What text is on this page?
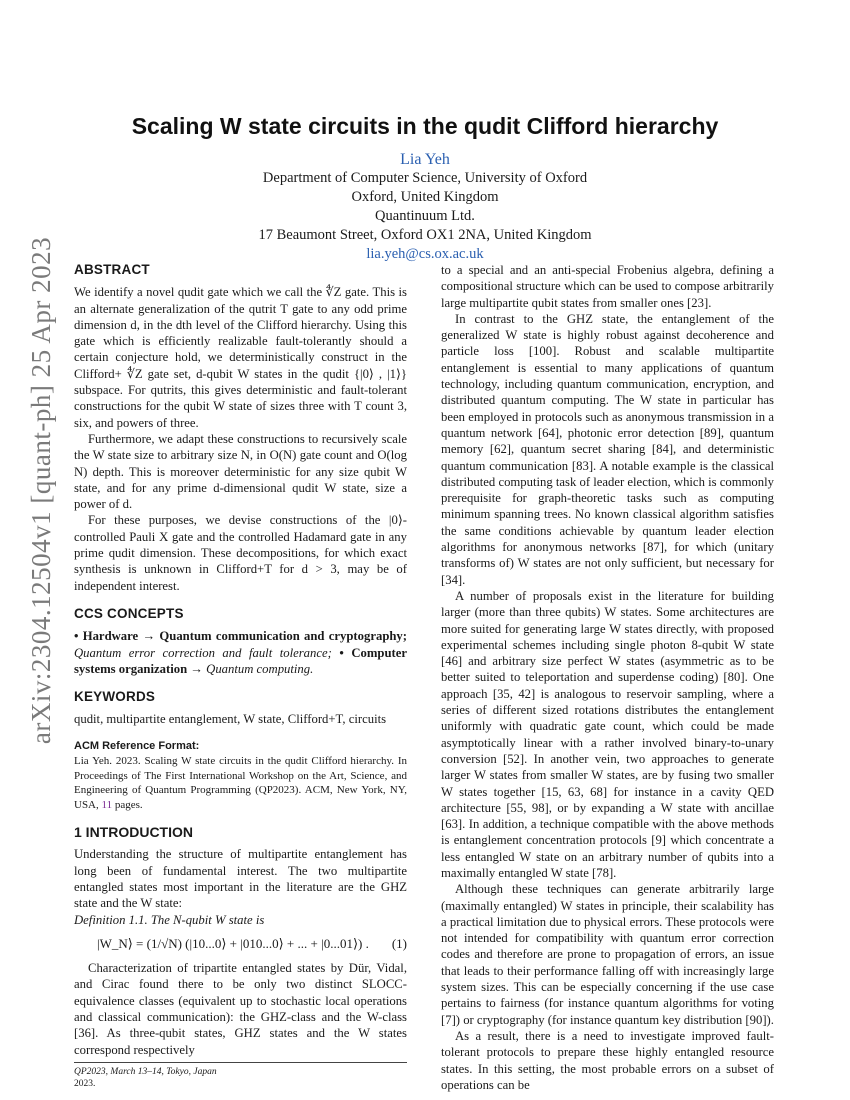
arXiv:2304.12504v1 [quant-ph] 25 Apr 2023
Scaling W state circuits in the qudit Clifford hierarchy
Lia Yeh
Department of Computer Science, University of Oxford
Oxford, United Kingdom
Quantinuum Ltd.
17 Beaumont Street, Oxford OX1 2NA, United Kingdom
lia.yeh@cs.ox.ac.uk
ABSTRACT

We identify a novel qudit gate which we call the ∜Z gate. This is an alternate generalization of the qutrit T gate to any odd prime dimension d, in the dth level of the Clifford hierarchy. Using this gate which is efficiently realizable fault-tolerantly should a certain conjecture hold, we deterministically construct in the Clifford+ ∜Z gate set, d-qubit W states in the qudit {|0⟩ , |1⟩} subspace. For qutrits, this gives deterministic and fault-tolerant constructions for the qubit W state of sizes three with T count 3, six, and powers of three.

Furthermore, we adapt these constructions to recursively scale the W state size to arbitrary size N, in O(N) gate count and O(log N) depth. This is moreover deterministic for any size qubit W state, and for any prime d-dimensional qudit W state, size a power of d.

For these purposes, we devise constructions of the |0⟩-controlled Pauli X gate and the controlled Hadamard gate in any prime qudit dimension. These decompositions, for which exact synthesis is unknown in Clifford+T for d > 3, may be of independent interest.

CCS CONCEPTS

• Hardware → Quantum communication and cryptography; Quantum error correction and fault tolerance; • Computer systems organization → Quantum computing.

KEYWORDS

qudit, multipartite entanglement, W state, Clifford+T, circuits

ACM Reference Format:

Lia Yeh. 2023. Scaling W state circuits in the qudit Clifford hierarchy. In Proceedings of The First International Workshop on the Art, Science, and Engineering of Quantum Programming (QP2023). ACM, New York, NY, USA, 11 pages.

1 INTRODUCTION

Understanding the structure of multipartite entanglement has long been of fundamental interest. The two multipartite entangled states most important in the literature are the GHZ state and the W state:

Definition 1.1. The N-qubit W state is

|W_N⟩ = (1/√N) (|10...0⟩ + |010...0⟩ + ... + |0...01⟩) . (1)

Characterization of tripartite entangled states by Dür, Vidal, and Cirac found there to be only two distinct SLOCC-equivalence classes (equivalent up to stochastic local operations and classical communication): the GHZ-class and the W-class [36]. As three-qubit states, GHZ states and the W states correspond respectively

to a special and an anti-special Frobenius algebra, defining a compositional structure which can be used to compose arbitrarily large multipartite qubit states from smaller ones [23].

In contrast to the GHZ state, the entanglement of the generalized W state is highly robust against decoherence and particle loss [100]. Robust and scalable multipartite entanglement is essential to many applications of quantum technology, including quantum communication, encryption, and distributed quantum computing. The W state in particular has been employed in protocols such as anonymous transmission in a quantum network [64], photonic error detection [89], quantum memory [62], quantum secret sharing [84], and deterministic quantum communication [83]. A notable example is the classical distributed computing task of leader election, which is commonly prerequisite for graph-theoretic tasks such as computing minimum spanning trees. No known classical algorithm satisfies the same conditions achievable by quantum leader election algorithms for anonymous networks [87], for which (unitary transforms of) W states are not only sufficient, but necessary for [34].

A number of proposals exist in the literature for building larger (more than three qubits) W states. Some architectures are more suited for generating large W states directly, with proposed experimental schemes including single photon 8-qubit W state [46] and arbitrary size perfect W states (asymmetric as to be better suited to teleportation and superdense coding) [80]. One approach [35, 42] is analogous to reservoir sampling, where a series of different sized rotations distributes the entanglement uniformly with quadratic gate count, which could be made asymptotically linear with a rather involved binary-to-unary conversion [52]. In another vein, two approaches to generate larger W states from smaller W states, are by fusing two smaller W states together [15, 63, 68] for instance in a cavity QED architecture [55, 98], or by expanding a W state with ancillae [63]. In addition, a technique compatible with the above methods is entanglement concentration protocols [9] which concentrate a less entangled W state on an arbitrary number of qubits into a maximally entangled W state [78].

Although these techniques can generate arbitrarily large (maximally entangled) W states in principle, their scalability has a practical limitation due to physical errors. These protocols were not intended for compatibility with quantum error correction codes and therefore are prone to propagation of errors, an issue that leads to their performance falling off with increasingly large system sizes. This can be especially concerning if the use case pertains to fairness (for instance quantum algorithms for voting [7]) or cryptography (for instance quantum key distribution [90]).

As a result, there is a need to investigate improved fault-tolerant protocols to prepare these highly entangled resource states. In this setting, the most probable errors on a subset of operations can be

QP2023, March 13–14, Tokyo, Japan
2023.
